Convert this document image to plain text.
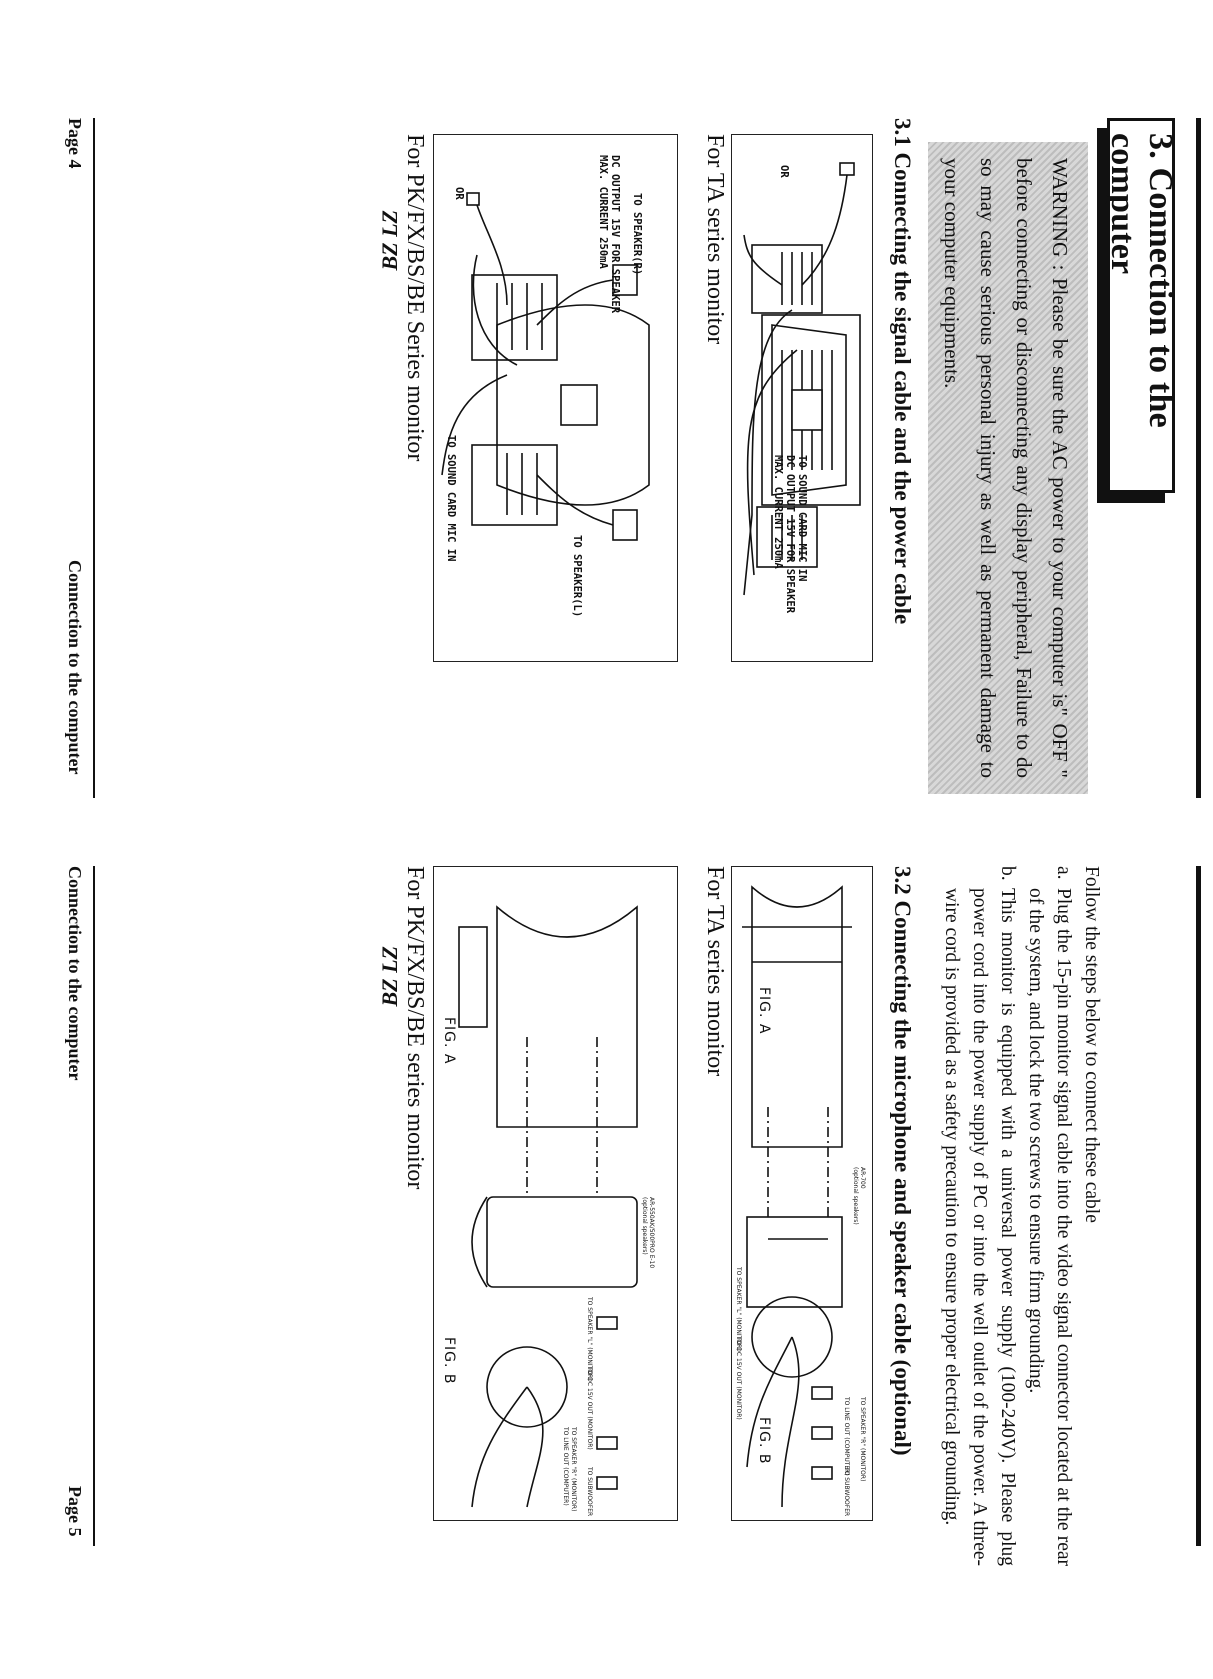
3. Connection to the computer
WARNING : Please be sure the AC power to your computer is" OFF " before connecting or disconnecting any display peripheral, Failure to do so may cause serious personal injury as well as permanent damage to your computer equipments.
3.1 Connecting the signal cable and the power cable
OR
TO SOUND CARD MIC IN
DC OUTPUT 15V FOR SPEAKER
MAX. CURRENT 250mA
For TA series monitor
TO SPEAKER(R)
DC OUTPUT 15V FOR SPEAKER
MAX. CURRENT 250mA
OR
TO SOUND CARD MIC IN
TO SPEAKER(L)
For PK/FX/BS/BE Series monitor
BZ LZ
Page 4
Connection to the computer
Follow the steps below to connect these cable
a.
Plug the 15-pin monitor signal cable into the video signal connector located at the rear of the system, and lock the two screws to ensure firm grounding.
b.
This monitor is equipped with a universal power supply (100-240V). Please plug power cord into the power supply of PC or into the well outlet of the power. A three-wire cord is provided as a safety precaution to ensure proper electrical grounding.
3.2 Connecting the microphone and speaker cable (optional)
FIG. A
FIG. B
AR-700
(optional speakers)
TO SPEAKER "L" (MONITOR)
TO DC 15V OUT (MONITOR)
TO SPEAKER "R" (MONITOR)
TO LINE OUT (COMPUTER)
TO SUBWOOFER
For TA series monitor
FIG. A
FIG. B
AR-550AK/500PRO E-10
(optional speakers)
TO SPEAKER "L" (MONITOR)
TO DC 15V OUT (MONITOR)
TO SPEAKER "R" (MONITOR)
TO LINE OUT (COMPUTER)	TO SUBWOOFER
For PK/FX/BS/BE series monitor
BZ LZ
Connection to the computer
Page 5
